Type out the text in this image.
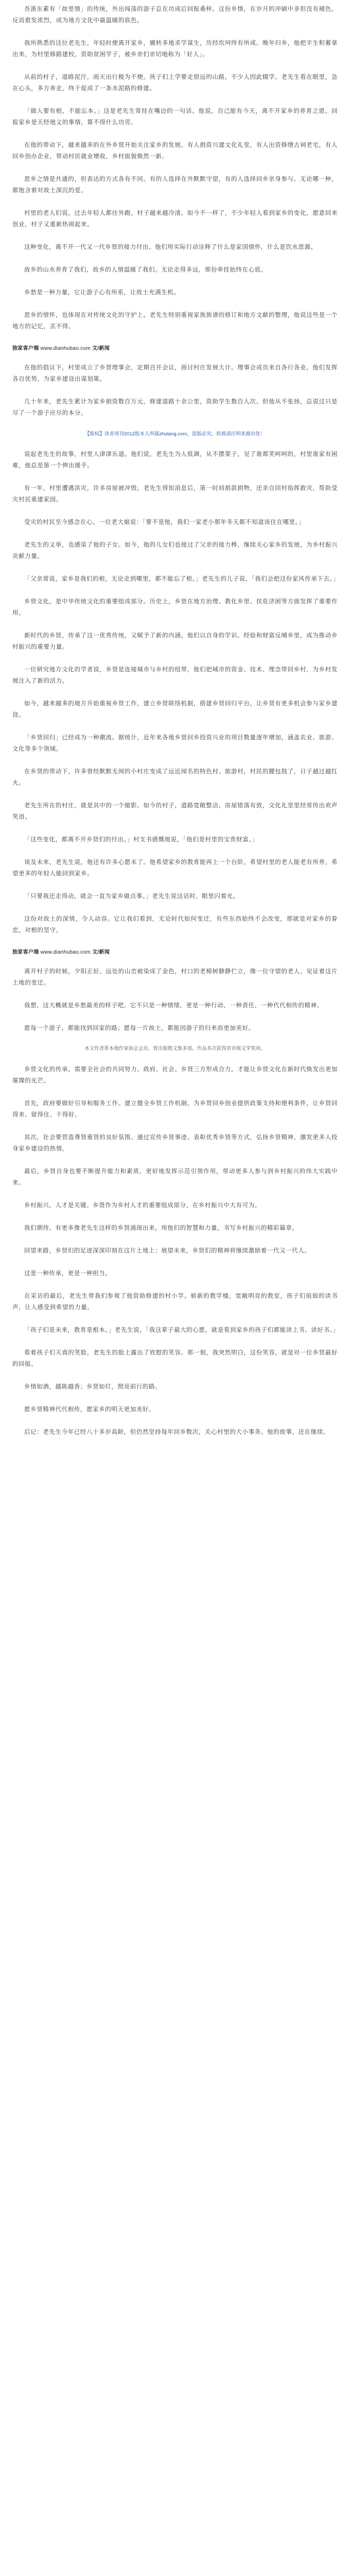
吾浙东素有「故里情」的传统，外出闯荡的游子总在功成后回报桑梓。这份乡情，在岁月的冲刷中非但没有褪色，反而愈发浓烈，成为地方文化中最温暖的底色。

我所熟悉的这位老先生，年轻时便离开家乡，辗转多地求学谋生，历经坎坷终有所成。晚年归乡，他把半生积蓄拿出来，为村里修路建校，资助贫困学子，被乡亲们亲切地称为「好人」。

从前的村子，道路泥泞，雨天出行极为不便。孩子们上学要走很远的山路，不少人因此辍学。老先生看在眼里，急在心头，多方奔走，终于促成了一条水泥路的修建。

「做人要有根，不能忘本。」这是老先生常挂在嘴边的一句话。他说，自己能有今天，离不开家乡的养育之恩，回报家乡是天经地义的事情，算不得什么功劳。

在他的带动下，越来越多的在外乡贤开始关注家乡的发展。有人捐资兴建文化礼堂，有人出资修缮古祠老宅，有人回乡创办企业，带动村民就业增收，乡村面貌焕然一新。

思乡之情是共通的，但表达的方式各有不同。有的人选择在外默默守望，有的人选择回乡亲身参与。无论哪一种，都饱含着对故土深沉的爱。

村里的老人们说，过去年轻人都往外跑，村子越来越冷清。如今不一样了，不少年轻人看到家乡的变化，愿意回来创业，村子又重新热闹起来。

这种变化，离不开一代又一代乡贤的接力付出。他们用实际行动诠释了什么是家国情怀，什么是饮水思源。

故乡的山水养育了我们，故乡的人情温暖了我们。无论走得多远，那份牵挂始终在心底。

乡愁是一种力量，它让游子心有所系，让故土充满生机。

思乡的情怀，也体现在对传统文化的守护上。老先生特别重视家族族谱的修订和地方文献的整理，他说这些是一个地方的记忆，丢不得。

独家客户端 www.dianhubao.com 文/新闻

在他的倡议下，村里成立了乡贤理事会，定期召开会议，商讨村庄发展大计。理事会成员来自各行各业，他们发挥各自优势，为家乡建设出谋划策。

几十年来，老先生累计为家乡捐资数百万元，修建道路十余公里，资助学生数百人次。但他从不张扬，总说这只是尽了一个游子应尽的本分。

【版权】读者周刊2012版本人所属zhulang.com，盗版必究，转载请注明来源出处！

说起老先生的故事，村里人津津乐道。他们说，老先生为人低调，从不摆架子，见了谁都笑呵呵的，村里谁家有困难，他总是第一个伸出援手。

有一年，村里遭遇洪灾，许多房屋被冲毁。老先生得知消息后，第一时间捐款捐物，还亲自回村指挥救灾，帮助受灾村民重建家园。

受灾的村民至今感念在心。一位老大娘说：「要不是他，我们一家老小那年冬天都不知道该住在哪里。」

老先生的义举，也感染了他的子女。如今，他的儿女们也接过了父亲的接力棒，继续关心家乡的发展，为乡村振兴贡献力量。

「父亲常说，家乡是我们的根，无论走到哪里，都不能忘了根。」老先生的儿子说，「我们会把这份家风传承下去。」

乡贤文化，是中华传统文化的重要组成部分。历史上，乡贤在地方治理、教化乡里、扶危济困等方面发挥了重要作用。

新时代的乡贤，传承了这一优秀传统，又赋予了新的内涵。他们以自身的学识、经验和财富反哺乡里，成为推动乡村振兴的重要力量。

一位研究地方文化的学者说，乡贤是连接城市与乡村的纽带，他们把城市的资金、技术、理念带回乡村，为乡村发展注入了新的活力。

如今，越来越多的地方开始重视乡贤工作，建立乡贤联络机制，搭建乡贤回归平台，让乡贤有更多机会参与家乡建设。

「乡贤回归」已经成为一种潮流。据统计，近年来各地乡贤回乡投资兴业的项目数量逐年增加，涵盖农业、旅游、文化等多个领域。

在乡贤的带动下，许多曾经默默无闻的小村庄变成了远近闻名的特色村、旅游村，村民的腰包鼓了，日子越过越红火。

老先生所在的村庄，就是其中的一个缩影。如今的村子，道路宽敞整洁，房屋错落有致，文化礼堂里经常传出欢声笑语。

「这些变化，都离不开乡贤们的付出。」村支书感慨地说，「他们是村里的宝贵财富。」

谈及未来，老先生说，他还有许多心愿未了。他希望家乡的教育能再上一个台阶，希望村里的老人能老有所养，希望更多的年轻人能回到家乡。

「只要我还走得动，就会一直为家乡做点事。」老先生说这话时，眼里闪着光。

这份对故土的深情，令人动容。它让我们看到，无论时代如何变迁，有些东西始终不会改变，那就是对家乡的眷恋，对根的坚守。

独家客户端 www.dianhubao.com 文/新闻

离开村子的时候，夕阳正好。远处的山峦被染成了金色，村口的老樟树静静伫立，像一位守望的老人，见证着这片土地的变迁。

我想，这大概就是乡愁最美的样子吧。它不只是一种情绪，更是一种行动，一种责任，一种代代相传的精神。

愿每一个游子，都能找到回家的路；愿每一片故土，都能因游子的归来而更加美好。

本文作者系本地作家协会会员，曾出版散文集多部。作品多次获得省市级文学奖项。

乡贤文化的传承，需要全社会的共同努力。政府、社会、乡贤三方形成合力，才能让乡贤文化在新时代焕发出更加璀璨的光芒。

首先，政府要做好引导和服务工作。建立健全乡贤工作机制，为乡贤回乡创业提供政策支持和便利条件，让乡贤回得来、留得住、干得好。

其次，社会要营造尊贤重贤的良好氛围。通过宣传乡贤事迹、表彰优秀乡贤等方式，弘扬乡贤精神，激发更多人投身家乡建设的热情。

最后，乡贤自身也要不断提升能力和素质，更好地发挥示范引领作用，带动更多人参与到乡村振兴的伟大实践中来。

乡村振兴，人才是关键。乡贤作为乡村人才的重要组成部分，在乡村振兴中大有可为。

我们期待，有更多像老先生这样的乡贤涌现出来，用他们的智慧和力量，书写乡村振兴的精彩篇章。

回望来路，乡贤们的足迹深深印刻在这片土地上；展望未来，乡贤们的精神将继续激励着一代又一代人。

这是一种传承，更是一种担当。

在采访的最后，老先生带我们参观了他资助修建的村小学。崭新的教学楼，宽敞明亮的教室，孩子们琅琅的读书声，让人感受到希望的力量。

「孩子们是未来，教育是根本。」老先生说，「我这辈子最大的心愿，就是看到家乡的孩子们都能读上书、读好书。」

看着孩子们天真的笑脸，老先生的脸上露出了欣慰的笑容。那一刻，我突然明白，这份笑容，就是对一位乡贤最好的回报。

乡情如酒，越陈越香；乡贤如灯，照亮前行的路。

愿乡贤精神代代相传，愿家乡的明天更加美好。

后记：老先生今年已经八十多岁高龄，但仍然坚持每年回乡数次，关心村里的大小事务。他的故事，还在继续。
